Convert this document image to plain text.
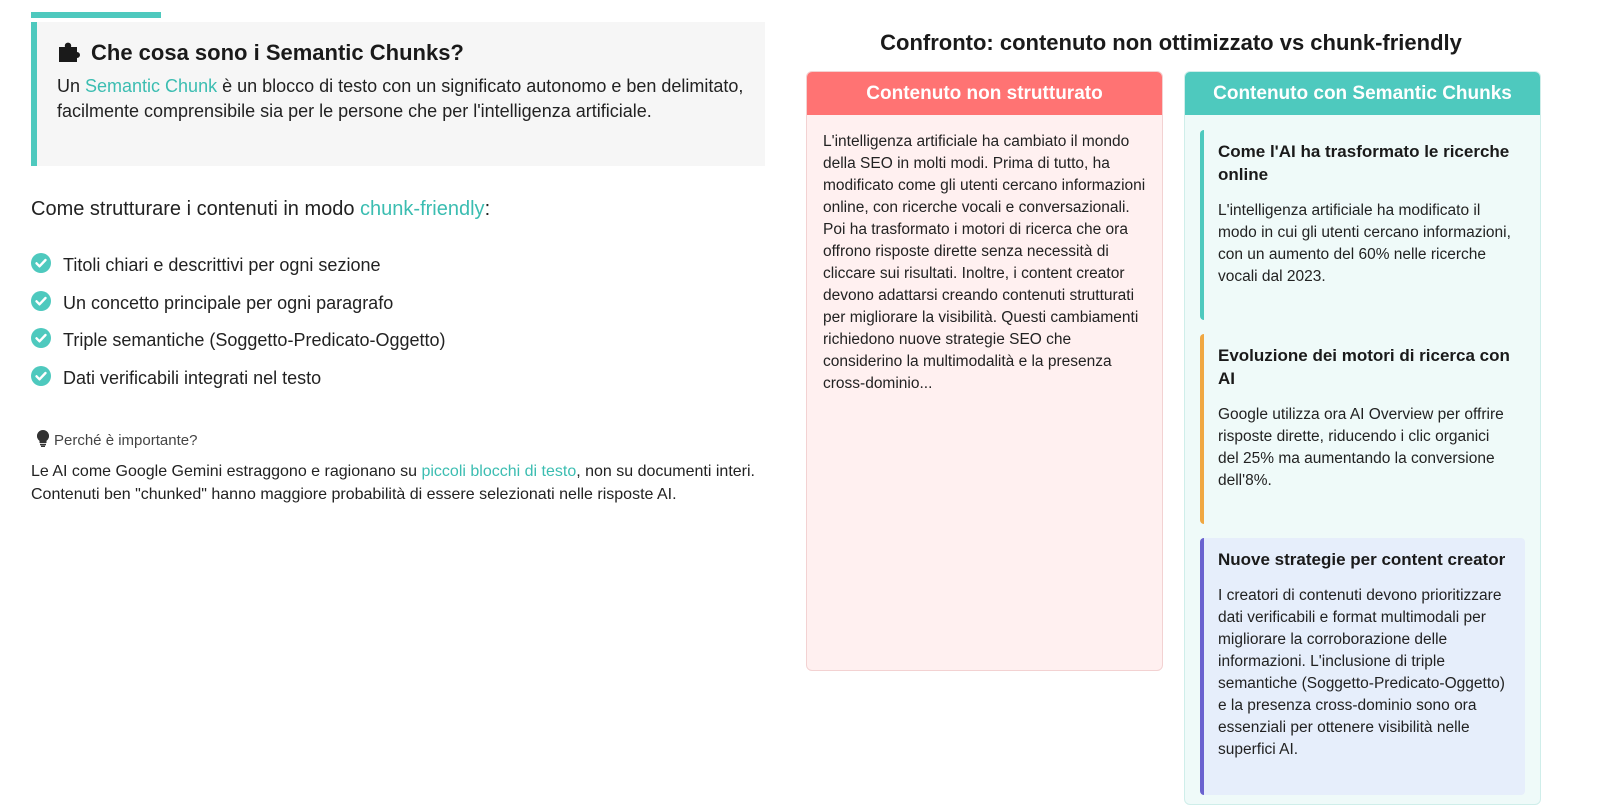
Che cosa sono i Semantic Chunks?

Un Semantic Chunk è un blocco di testo con un significato autonomo e ben delimitato, facilmente comprensibile sia per le persone che per l'intelligenza artificiale.

Come strutturare i contenuti in modo chunk-friendly:

Titoli chiari e descrittivi per ogni sezione
Un concetto principale per ogni paragrafo
Triple semantiche (Soggetto-Predicato-Oggetto)
Dati verificabili integrati nel testo
Perché è importante?

Le AI come Google Gemini estraggono e ragionano su piccoli blocchi di testo, non su documenti interi. Contenuti ben "chunked" hanno maggiore probabilità di essere selezionati nelle risposte AI.

Confronto: contenuto non ottimizzato vs chunk-friendly
Contenuto non strutturato

L'intelligenza artificiale ha cambiato il mondo della SEO in molti modi. Prima di tutto, ha modificato come gli utenti cercano informazioni online, con ricerche vocali e conversazionali. Poi ha trasformato i motori di ricerca che ora offrono risposte dirette senza necessità di cliccare sui risultati. Inoltre, i content creator devono adattarsi creando contenuti strutturati per migliorare la visibilità. Questi cambiamenti richiedono nuove strategie SEO che considerino la multimodalità e la presenza cross-dominio...

Contenuto con Semantic Chunks
Come l'AI ha trasformato le ricerche online
L'intelligenza artificiale ha modificato il modo in cui gli utenti cercano informazioni, con un aumento del 60% nelle ricerche vocali dal 2023.
Evoluzione dei motori di ricerca con AI
Google utilizza ora AI Overview per offrire risposte dirette, riducendo i clic organici del 25% ma aumentando la conversione dell'8%.
Nuove strategie per content creator
I creatori di contenuti devono prioritizzare dati verificabili e format multimodali per migliorare la corroborazione delle informazioni. L'inclusione di triple semantiche (Soggetto-Predicato-Oggetto) e la presenza cross-dominio sono ora essenziali per ottenere visibilità nelle superfici AI.
